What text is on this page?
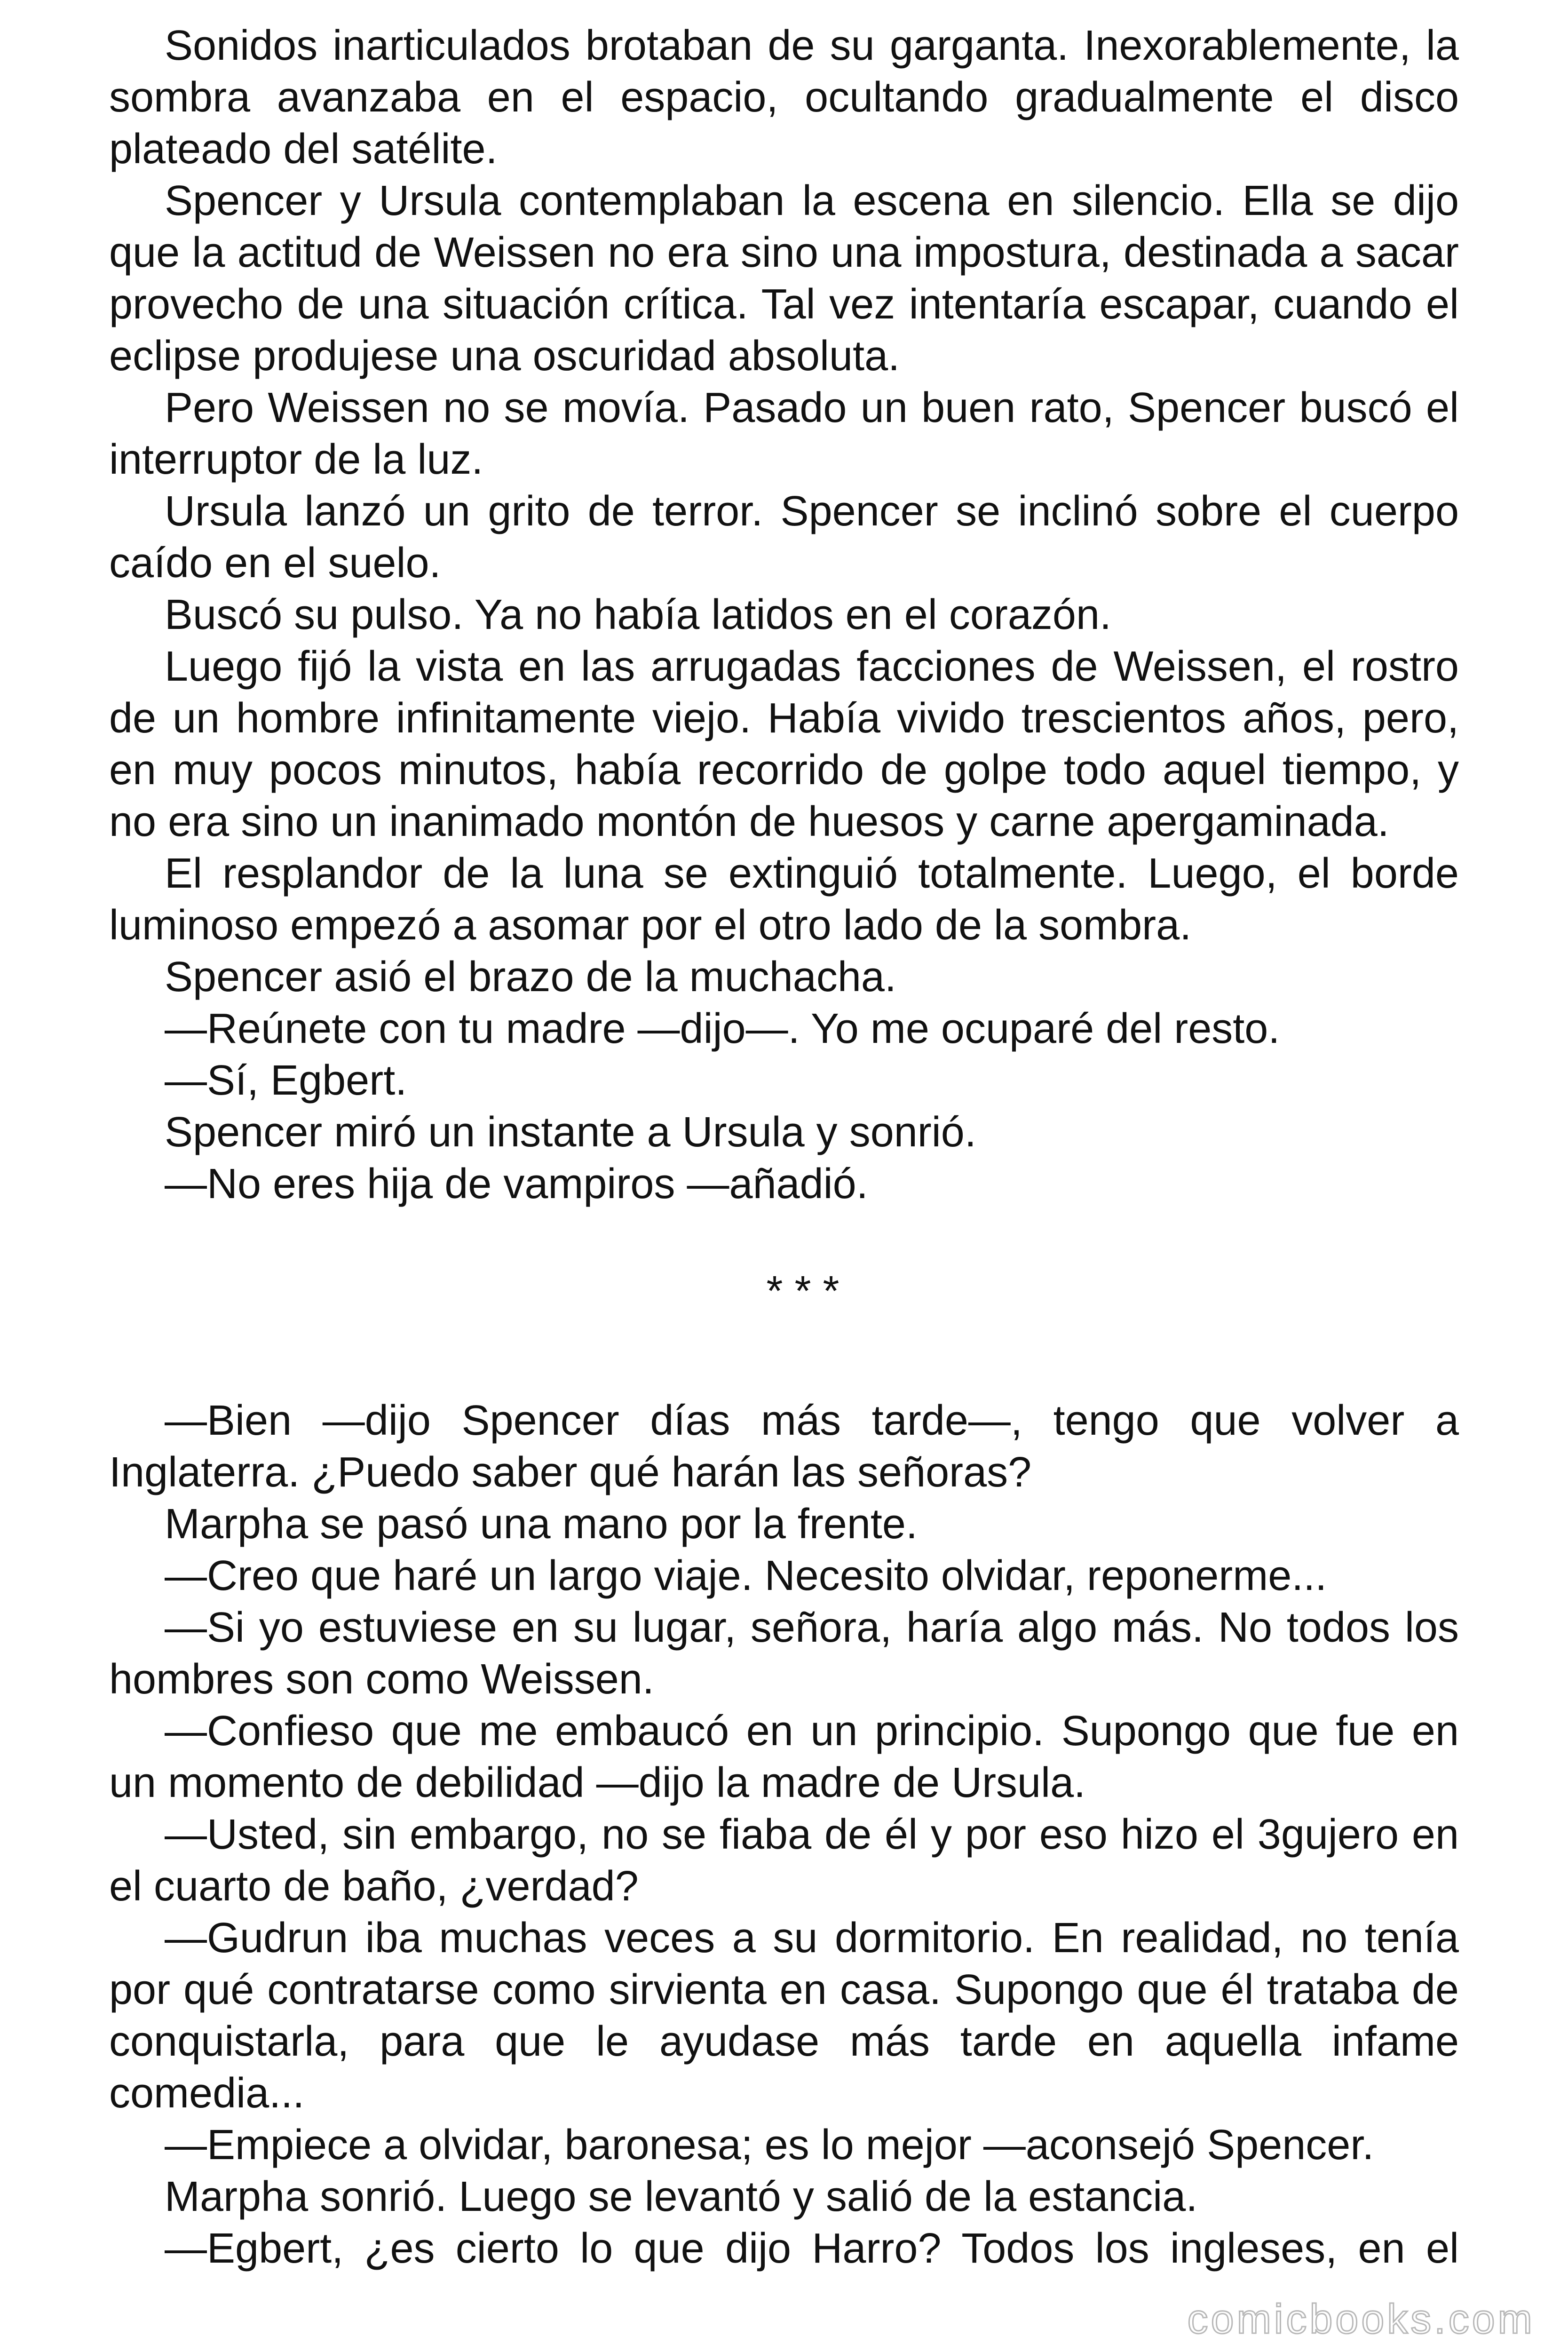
Sonidos inarticulados brotaban de su garganta. Inexorablemente, la sombra avanzaba en el espacio, ocultando gradualmente el disco plateado del satélite.

Spencer y Ursula contemplaban la escena en silencio. Ella se dijo que la actitud de Weissen no era sino una impostura, destinada a sacar provecho de una situación crítica. Tal vez intentaría escapar, cuando el eclipse produjese una oscuridad absoluta.

Pero Weissen no se movía. Pasado un buen rato, Spencer buscó el interruptor de la luz.

Ursula lanzó un grito de terror. Spencer se inclinó sobre el cuerpo caído en el suelo.

Buscó su pulso. Ya no había latidos en el corazón.

Luego fijó la vista en las arrugadas facciones de Weissen, el rostro de un hombre infinitamente viejo. Había vivido trescientos años, pero, en muy pocos minutos, había recorrido de golpe todo aquel tiempo, y no era sino un inanimado montón de huesos y carne apergaminada.

El resplandor de la luna se extinguió totalmente. Luego, el borde luminoso empezó a asomar por el otro lado de la sombra.

Spencer asió el brazo de la muchacha.

—Reúnete con tu madre —dijo—. Yo me ocuparé del resto.

—Sí, Egbert.

Spencer miró un instante a Ursula y sonrió.

—No eres hija de vampiros —añadió.

* * *

—Bien —dijo Spencer días más tarde—, tengo que volver a Inglaterra. ¿Puedo saber qué harán las señoras?

Marpha se pasó una mano por la frente.

—Creo que haré un largo viaje. Necesito olvidar, reponerme...

—Si yo estuviese en su lugar, señora, haría algo más. No todos los hombres son como Weissen.

—Confieso que me embaucó en un principio. Supongo que fue en un momento de debilidad —dijo la madre de Ursula.

—Usted, sin embargo, no se fiaba de él y por eso hizo el 3gujero en el cuarto de baño, ¿verdad?

—Gudrun iba muchas veces a su dormitorio. En realidad, no tenía por qué contratarse como sirvienta en casa. Supongo que él trataba de conquistarla, para que le ayudase más tarde en aquella infame comedia...

—Empiece a olvidar, baronesa; es lo mejor —aconsejó Spencer.

Marpha sonrió. Luego se levantó y salió de la estancia.

—Egbert, ¿es cierto lo que dijo Harro? Todos los ingleses, en el

comicbooks.com
